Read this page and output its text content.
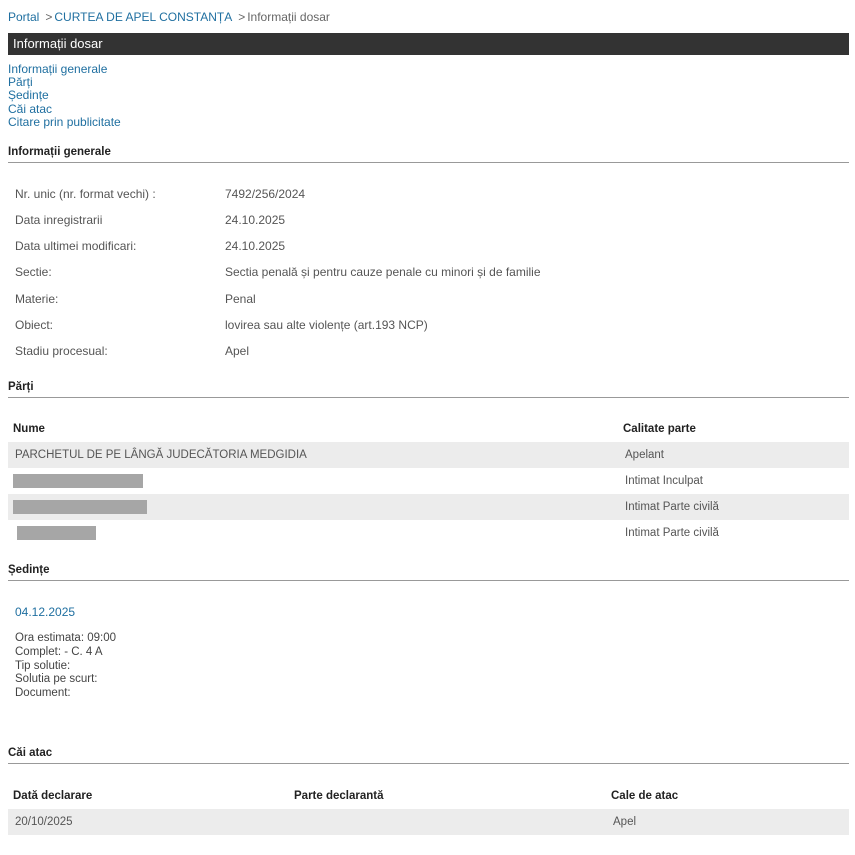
Portal > CURTEA DE APEL CONSTANȚA > Informații dosar
Informații dosar
Informații generale
Părți
Ședințe
Căi atac
Citare prin publicitate
Informații generale
Nr. unic (nr. format vechi) :	7492/256/2024
Data inregistrarii	24.10.2025
Data ultimei modificari:	24.10.2025
Sectie:	Sectia penală și pentru cauze penale cu minori și de familie
Materie:	Penal
Obiect:	lovirea sau alte violențe (art.193 NCP)
Stadiu procesual:	Apel
Părți
Nume	Calitate parte
PARCHETUL DE PE LÂNGĂ JUDECĂTORIA MEDGIDIA	Apelant
	Intimat Inculpat
	Intimat Parte civilă
	Intimat Parte civilă
Ședințe
04.12.2025
Ora estimata: 09:00
Complet: - C. 4 A
Tip solutie:
Solutia pe scurt:
Document:
Căi atac
Dată declarare	Parte declarantă	Cale de atac
20/10/2025		Apel
